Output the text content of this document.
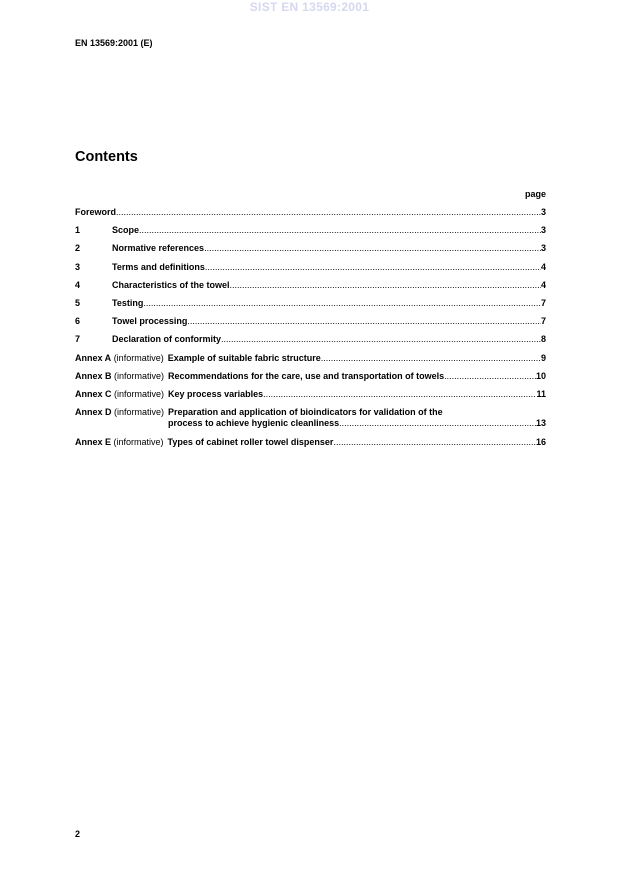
SIST EN 13569:2001
EN 13569:2001 (E)
Contents
page
Foreword .....	3
1	Scope .....	3
2	Normative references .....	3
3	Terms and definitions .....	4
4	Characteristics of the towel .....	4
5	Testing .....	7
6	Towel processing .....	7
7	Declaration of conformity .....	8
Annex A (informative) Example of suitable fabric structure .....	9
Annex B (informative) Recommendations for the care, use and transportation of towels .....	10
Annex C (informative) Key process variables .....	11
Annex D (informative) Preparation and application of bioindicators for validation of the
process to achieve hygienic cleanliness .....	13
Annex E (informative) Types of cabinet roller towel dispenser .....	16
2
